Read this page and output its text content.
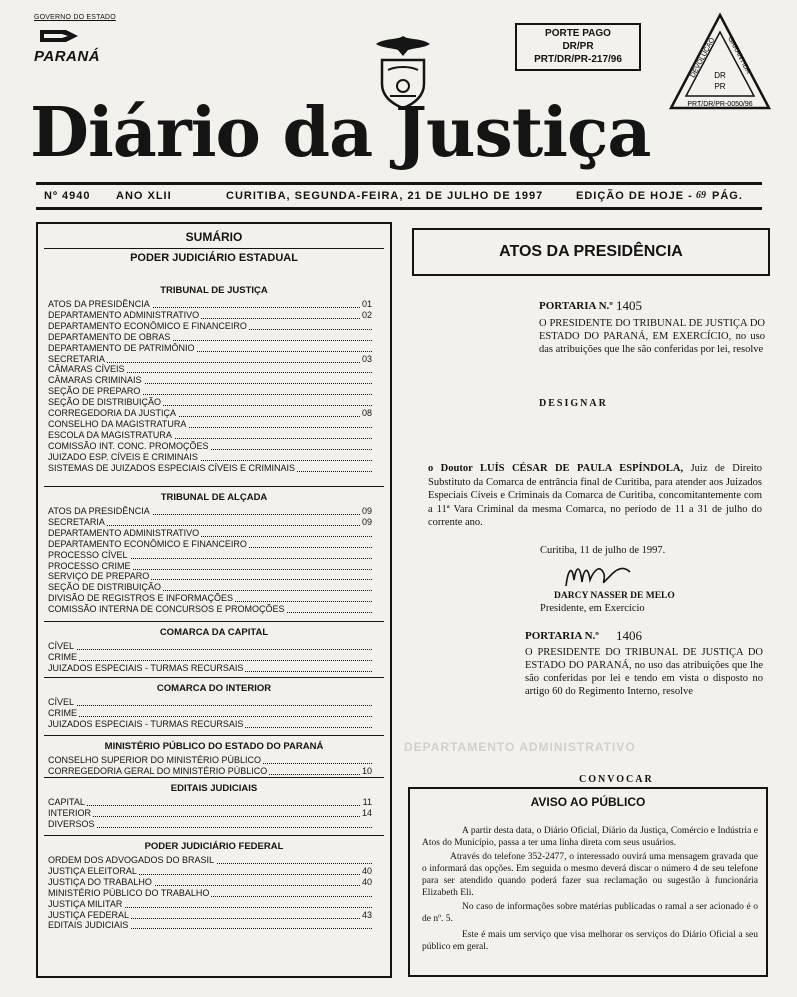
GOVERNO DO ESTADO
PARANÁ
PORTE PAGO
DR/PR
PRT/DR/PR-217/96	DEVOLUÇÃO GARANTIDA
DR
PR
PRT/DR/PR-0050/96
Diário da Justiça
Nº 4940 ANO XLII	CURITIBA, SEGUNDA-FEIRA, 21 DE JULHO DE 1997	EDIÇÃO DE HOJE - 69 PÁG.
SUMÁRIO
PODER JUDICIÁRIO ESTADUAL
TRIBUNAL DE JUSTIÇA
ATOS DA PRESIDÊNCIA	01
DEPARTAMENTO ADMINISTRATIVO	02
DEPARTAMENTO ECONÔMICO E FINANCEIRO
DEPARTAMENTO DE OBRAS
DEPARTAMENTO DE PATRIMÔNIO
SECRETARIA	03
CÂMARAS CÍVEIS
CÂMARAS CRIMINAIS
SEÇÃO DE PREPARO
SEÇÃO DE DISTRIBUIÇÃO
CORREGEDORIA DA JUSTIÇA	08
CONSELHO DA MAGISTRATURA
ESCOLA DA MAGISTRATURA
COMISSÃO INT. CONC. PROMOÇÕES
JUIZADO ESP. CÍVEIS E CRIMINAIS
SISTEMAS DE JUIZADOS ESPECIAIS CÍVEIS E CRIMINAIS
TRIBUNAL DE ALÇADA
ATOS DA PRESIDÊNCIA	09
SECRETARIA	09
DEPARTAMENTO ADMINISTRATIVO
DEPARTAMENTO ECONÔMICO E FINANCEIRO
PROCESSO CÍVEL
PROCESSO CRIME
SERVIÇO DE PREPARO
SEÇÃO DE DISTRIBUIÇÃO
DIVISÃO DE REGISTROS E INFORMAÇÕES
COMISSÃO INTERNA DE CONCURSOS E PROMOÇÕES
COMARCA DA CAPITAL
CÍVEL
CRIME
JUIZADOS ESPECIAIS - TURMAS RECURSAIS
COMARCA DO INTERIOR
CÍVEL
CRIME
JUIZADOS ESPECIAIS - TURMAS RECURSAIS
MINISTÉRIO PÚBLICO DO ESTADO DO PARANÁ
CONSELHO SUPERIOR DO MINISTÉRIO PÚBLICO
CORREGEDORIA GERAL DO MINISTÉRIO PÚBLICO	10
EDITAIS JUDICIAIS
CAPITAL	11
INTERIOR	14
DIVERSOS
PODER JUDICIÁRIO FEDERAL
ORDEM DOS ADVOGADOS DO BRASIL
JUSTIÇA ELEITORAL	40
JUSTIÇA DO TRABALHO	40
MINISTÉRIO PÚBLICO DO TRABALHO
JUSTIÇA MILITAR
JUSTIÇA FEDERAL	43
EDITAIS JUDICIAIS
ATOS DA PRESIDÊNCIA
PORTARIA N.º 1405
O PRESIDENTE DO TRIBUNAL DE JUSTIÇA DO ESTADO DO PARANÁ, EM EXERCÍCIO, no uso das atribuições que lhe são conferidas por lei, resolve
DESIGNAR
o Doutor LUÍS CÉSAR DE PAULA ESPÍNDOLA, Juiz de Direito Substituto da Comarca de entrância final de Curitiba, para atender aos Juizados Especiais Cíveis e Criminais da Comarca de Curitiba, concomitantemente com a 11ª Vara Criminal da mesma Comarca, no período de 11 a 31 de julho do corrente ano.
Curitiba, 11 de julho de 1997.
DARCY NASSER DE MELO
Presidente, em Exercício
PORTARIA N.º 1406
O PRESIDENTE DO TRIBUNAL DE JUSTIÇA DO ESTADO DO PARANÁ, no uso das atribuições que lhe são conferidas por lei e tendo em vista o disposto no artigo 60 do Regimento Interno, resolve
DEPARTAMENTO ADMINISTRATIVO
CONVOCAR
AVISO AO PÚBLICO
A partir desta data, o Diário Oficial, Diário da Justiça, Comércio e Indústria e Atos do Município, passa a ter uma linha direta com seus usuários.
Através do telefone 352-2477, o interessado ouvirá uma mensagem gravada que o informará das opções. Em seguida o mesmo deverá discar o número 4 de seu telefone para ser atendido quando poderá fazer sua reclamação ou sugestão à funcionária Elizabeth Eli.
No caso de informações sobre matérias publicadas o ramal a ser acionado é o de nº. 5.
Este é mais um serviço que visa melhorar os serviços do Diário Oficial a seu público em geral.
